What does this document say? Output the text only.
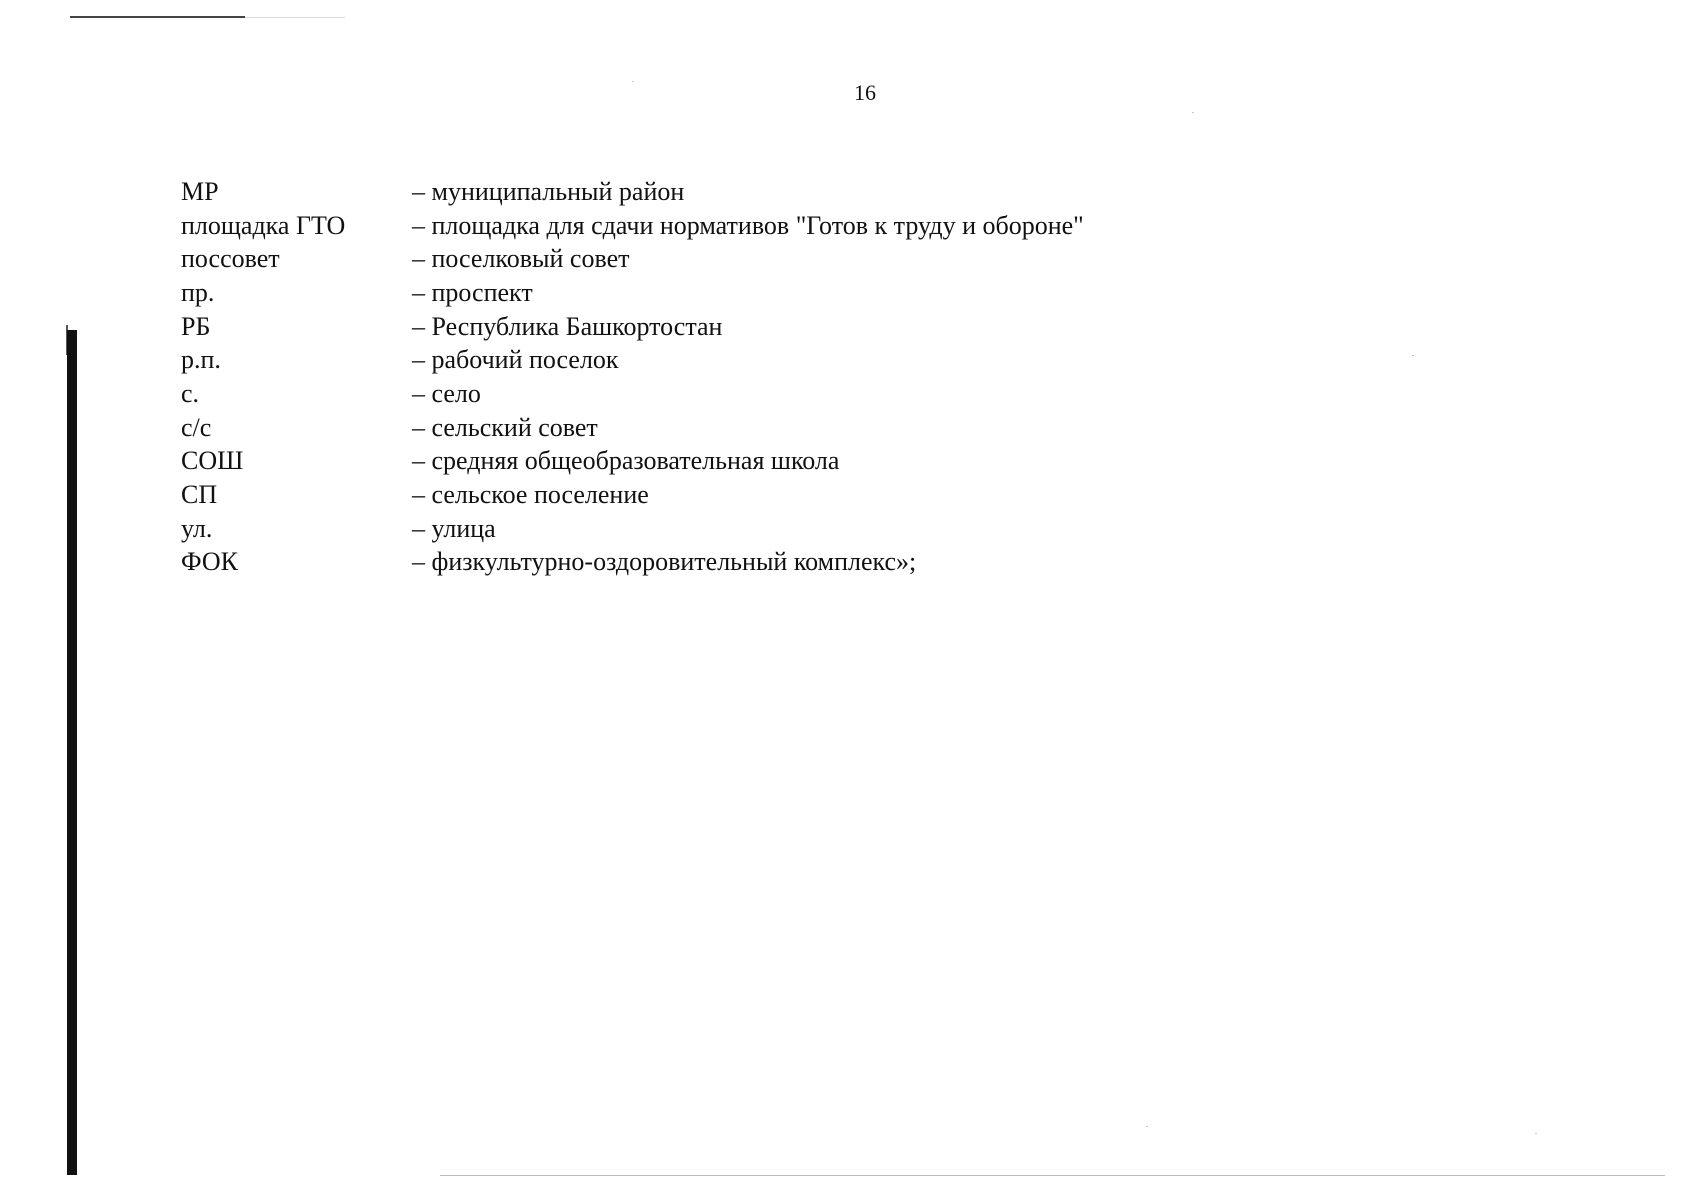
16
МР	– муниципальный район
площадка ГТО	– площадка для сдачи нормативов "Готов к труду и обороне"
поссовет	– поселковый совет
пр.	– проспект
РБ	– Республика Башкортостан
р.п.	– рабочий поселок
с.	– село
с/с	– сельский совет
СОШ	– средняя общеобразовательная школа
СП	– сельское поселение
ул.	– улица
ФОК	– физкультурно-оздоровительный комплекс»;
